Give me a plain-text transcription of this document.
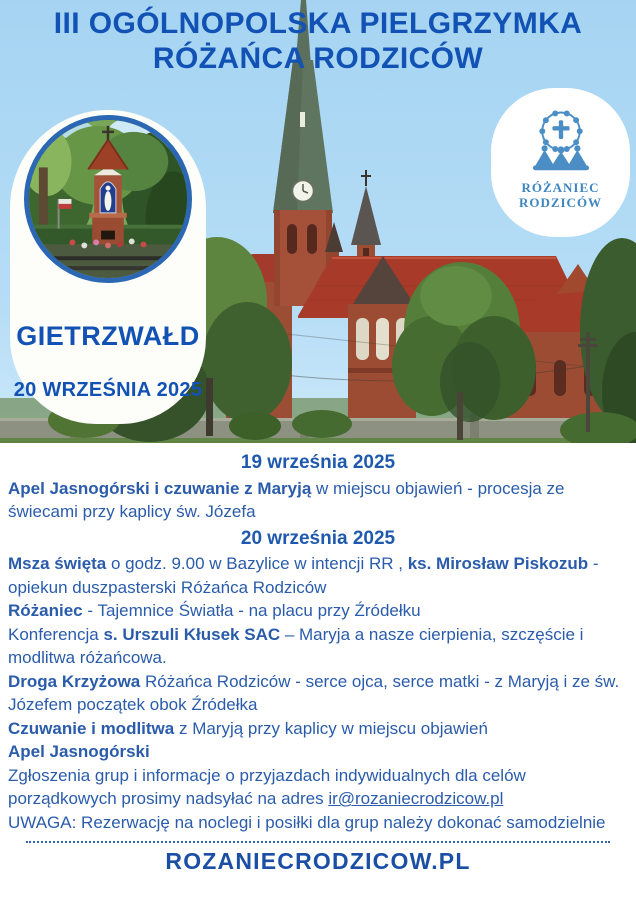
III OGÓLNOPOLSKA PIELGRZYMKA
RÓŻAŃCA RODZICÓW
GIETRZWAŁD
20 WRZEŚNIA 2025
RÓŻANIEC
RODZICÓW
19 września 2025

Apel Jasnogórski i czuwanie z Maryją w miejscu objawień - procesja ze świecami przy kaplicy św. Józefa

20 września 2025

Msza święta o godz. 9.00 w Bazylice w intencji RR , ks. Mirosław Piskozub - opiekun duszpasterski Różańca Rodziców

Różaniec - Tajemnice Światła - na placu przy Źródełku

Konferencja s. Urszuli Kłusek SAC – Maryja a nasze cierpienia, szczęście i modlitwa różańcowa.

Droga Krzyżowa Różańca Rodziców - serce ojca, serce matki - z Maryją i ze św. Józefem początek obok Źródełka

Czuwanie i modlitwa z Maryją przy kaplicy w miejscu objawień

Apel Jasnogórski

Zgłoszenia grup i informacje o przyjazdach indywidualnych dla celów porządkowych prosimy nadsyłać na adres ir@rozaniecrodzicow.pl

UWAGA: Rezerwację na noclegi i posiłki dla grup należy dokonać samodzielnie

ROZANIECRODZICOW.PL
